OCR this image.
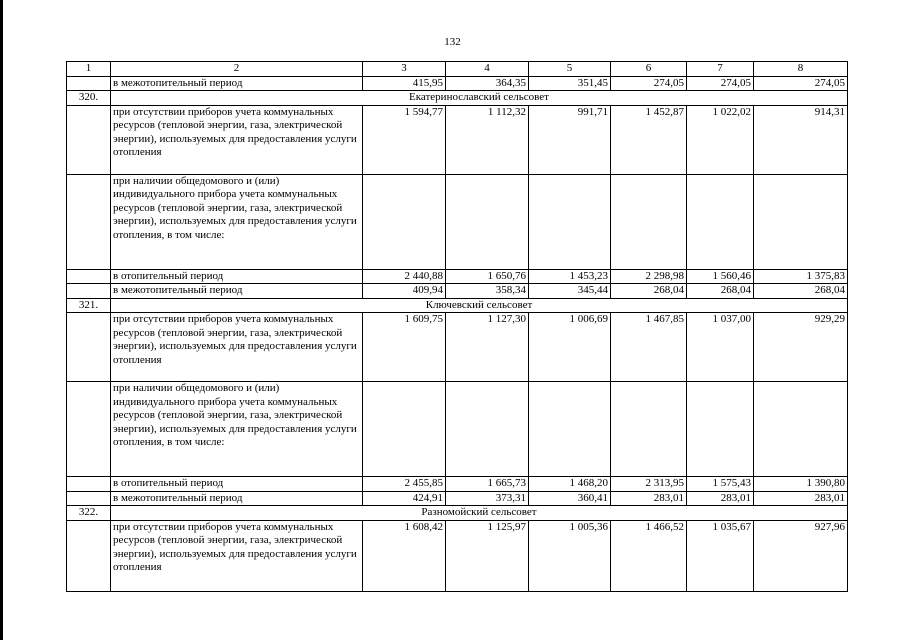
132
1	2	3	4	5	6	7	8
	в межотопительный период	415,95	364,35	351,45	274,05	274,05	274,05
320.	Екатеринославский сельсовет						
	при отсутствии приборов учета коммунальных ресурсов (тепловой энергии, газа, электрической энергии), используемых для предоставления услуги отопления	1 594,77	1 112,32	991,71	1 452,87	1 022,02	914,31
	при наличии общедомового и (или) индивидуального прибора учета коммунальных ресурсов (тепловой энергии, газа, электрической энергии), используемых для предоставления услуги отопления, в том числе:						
	в отопительный период	2 440,88	1 650,76	1 453,23	2 298,98	1 560,46	1 375,83
	в межотопительный период	409,94	358,34	345,44	268,04	268,04	268,04
321.	Ключевский сельсовет						
	при отсутствии приборов учета коммунальных ресурсов (тепловой энергии, газа, электрической энергии), используемых для предоставления услуги отопления	1 609,75	1 127,30	1 006,69	1 467,85	1 037,00	929,29
	при наличии общедомового и (или) индивидуального прибора учета коммунальных ресурсов (тепловой энергии, газа, электрической энергии), используемых для предоставления услуги отопления, в том числе:						
	в отопительный период	2 455,85	1 665,73	1 468,20	2 313,95	1 575,43	1 390,80
	в межотопительный период	424,91	373,31	360,41	283,01	283,01	283,01
322.	Разномойский сельсовет						
	при отсутствии приборов учета коммунальных ресурсов (тепловой энергии, газа, электрической энергии), используемых для предоставления услуги отопления	1 608,42	1 125,97	1 005,36	1 466,52	1 035,67	927,96
